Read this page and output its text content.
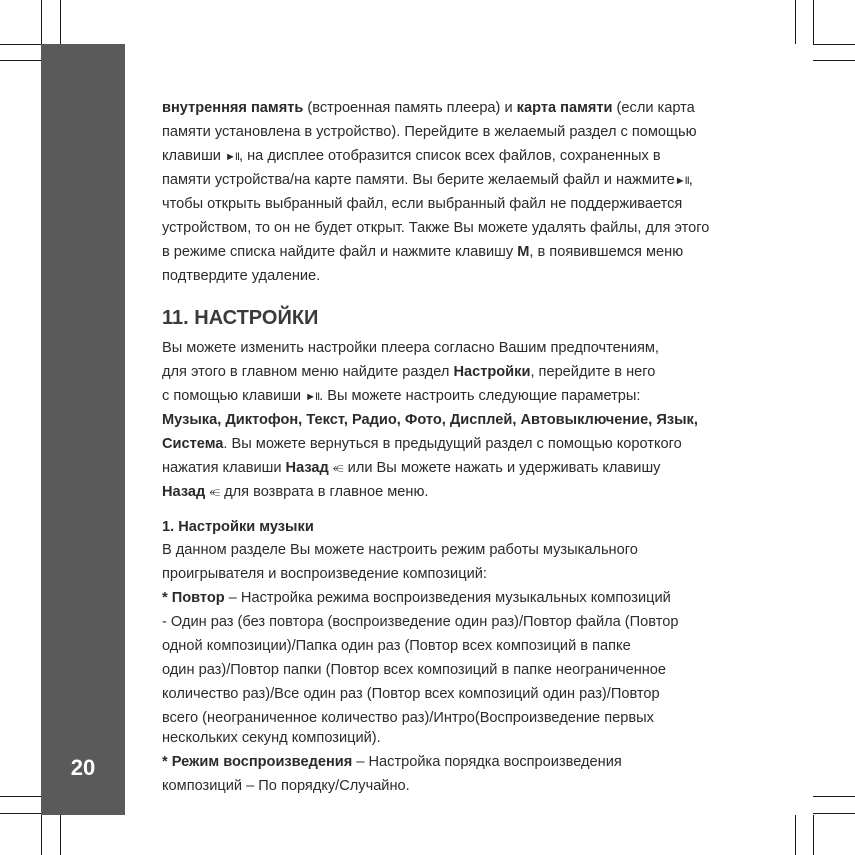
20
внутренняя память (встроенная память плеера) и карта памяти (если карта
памяти установлена в устройство). Перейдите в желаемый раздел с помощью
клавиши ►II, на дисплее отобразится список всех файлов, сохраненных в
памяти устройства/на карте памяти. Вы берите желаемый файл и нажмите►II,
чтобы открыть выбранный файл, если выбранный файл не поддерживается
устройством, то он не будет открыт. Также Вы можете удалять файлы, для этого
в режиме списка найдите файл и нажмите клавишу M, в появившемся меню
подтвердите удаление.
11. НАСТРОЙКИ
Вы можете изменить настройки плеера согласно Вашим предпочтениям,
для этого в главном меню найдите раздел Настройки, перейдите в него
с помощью клавиши ►II. Вы можете настроить следующие параметры:
Музыка, Диктофон, Текст, Радио, Фото, Дисплей, Автовыключение, Язык,
Система. Вы можете вернуться в предыдущий раздел с помощью короткого
нажатия клавиши Назад ⥺ или Вы можете нажать и удерживать клавишу
Назад ⥺ для возврата в главное меню.
1. Настройки музыки
В данном разделе Вы можете настроить режим работы музыкального
проигрывателя и воспроизведение композиций:
* Повтор – Настройка режима воспроизведения музыкальных композиций
- Один раз (без повтора (воспроизведение один раз)/Повтор файла (Повтор
одной композиции)/Папка один раз (Повтор всех композиций в папке
один раз)/Повтор папки (Повтор всех композиций в папке неограниченное
количество раз)/Все один раз (Повтор всех композиций один раз)/Повтор
всего (неограниченное количество раз)/Интро(Воспроизведение первых
нескольких секунд композиций).
* Режим воспроизведения – Настройка порядка воспроизведения
композиций – По порядку/Случайно.
